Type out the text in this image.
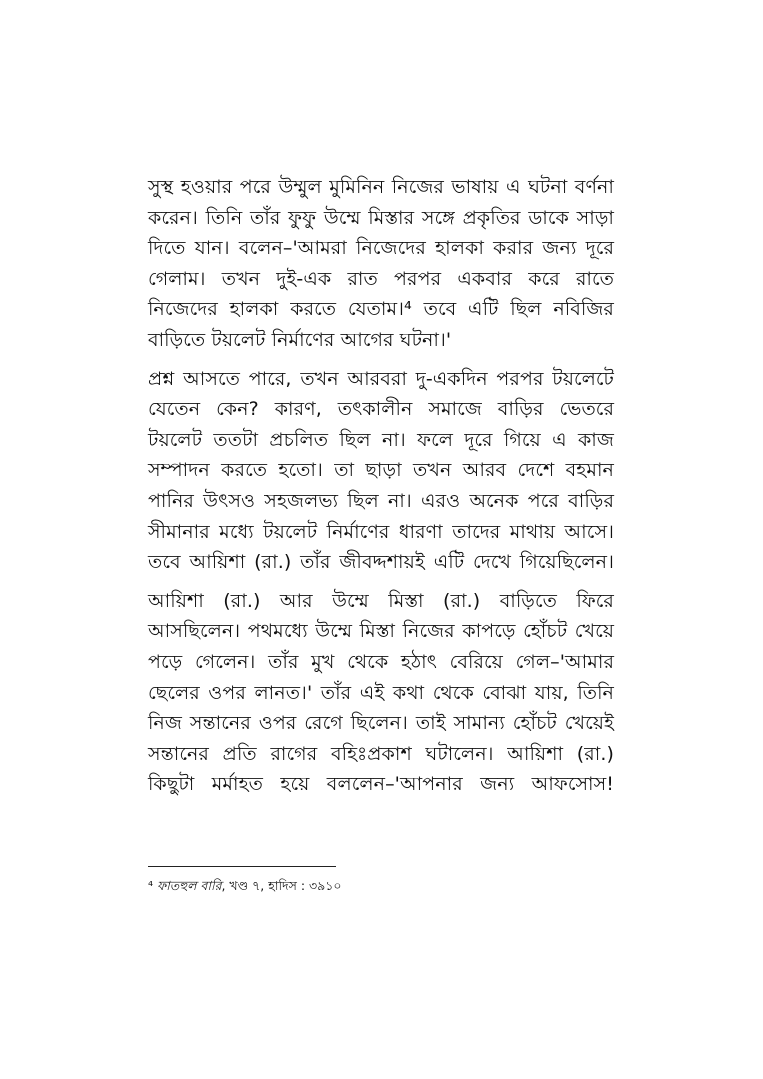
সুস্থ হওয়ার পরে উম্মুল মুমিনিন নিজের ভাষায় এ ঘটনা বর্ণনা
করেন। তিনি তাঁর ফুফু উম্মে মিস্তার সঙ্গে প্রকৃতির ডাকে সাড়া
দিতে যান। বলেন–'আমরা নিজেদের হালকা করার জন্য দূরে
গেলাম। তখন দুই-এক রাত পরপর একবার করে রাতে
নিজেদের হালকা করতে যেতাম।⁴ তবে এটি ছিল নবিজির
বাড়িতে টয়লেট নির্মাণের আগের ঘটনা।'

প্রশ্ন আসতে পারে, তখন আরবরা দু-একদিন পরপর টয়লেটে
যেতেন কেন? কারণ, তৎকালীন সমাজে বাড়ির ভেতরে
টয়লেট ততটা প্রচলিত ছিল না। ফলে দূরে গিয়ে এ কাজ
সম্পাদন করতে হতো। তা ছাড়া তখন আরব দেশে বহমান
পানির উৎসও সহজলভ্য ছিল না। এরও অনেক পরে বাড়ির
সীমানার মধ্যে টয়লেট নির্মাণের ধারণা তাদের মাথায় আসে।
তবে আয়িশা (রা.) তাঁর জীবদ্দশায়ই এটি দেখে গিয়েছিলেন।

আয়িশা (রা.) আর উম্মে মিস্তা (রা.) বাড়িতে ফিরে
আসছিলেন। পথমধ্যে উম্মে মিস্তা নিজের কাপড়ে হোঁচট খেয়ে
পড়ে গেলেন। তাঁর মুখ থেকে হঠাৎ বেরিয়ে গেল–'আমার
ছেলের ওপর লানত।' তাঁর এই কথা থেকে বোঝা যায়, তিনি
নিজ সন্তানের ওপর রেগে ছিলেন। তাই সামান্য হোঁচট খেয়েই
সন্তানের প্রতি রাগের বহিঃপ্রকাশ ঘটালেন। আয়িশা (রা.)
কিছুটা মর্মাহত হয়ে বললেন–'আপনার জন্য আফসোস!

⁴ ফাতহুল বারি, খণ্ড ৭, হাদিস : ৩৯১০
